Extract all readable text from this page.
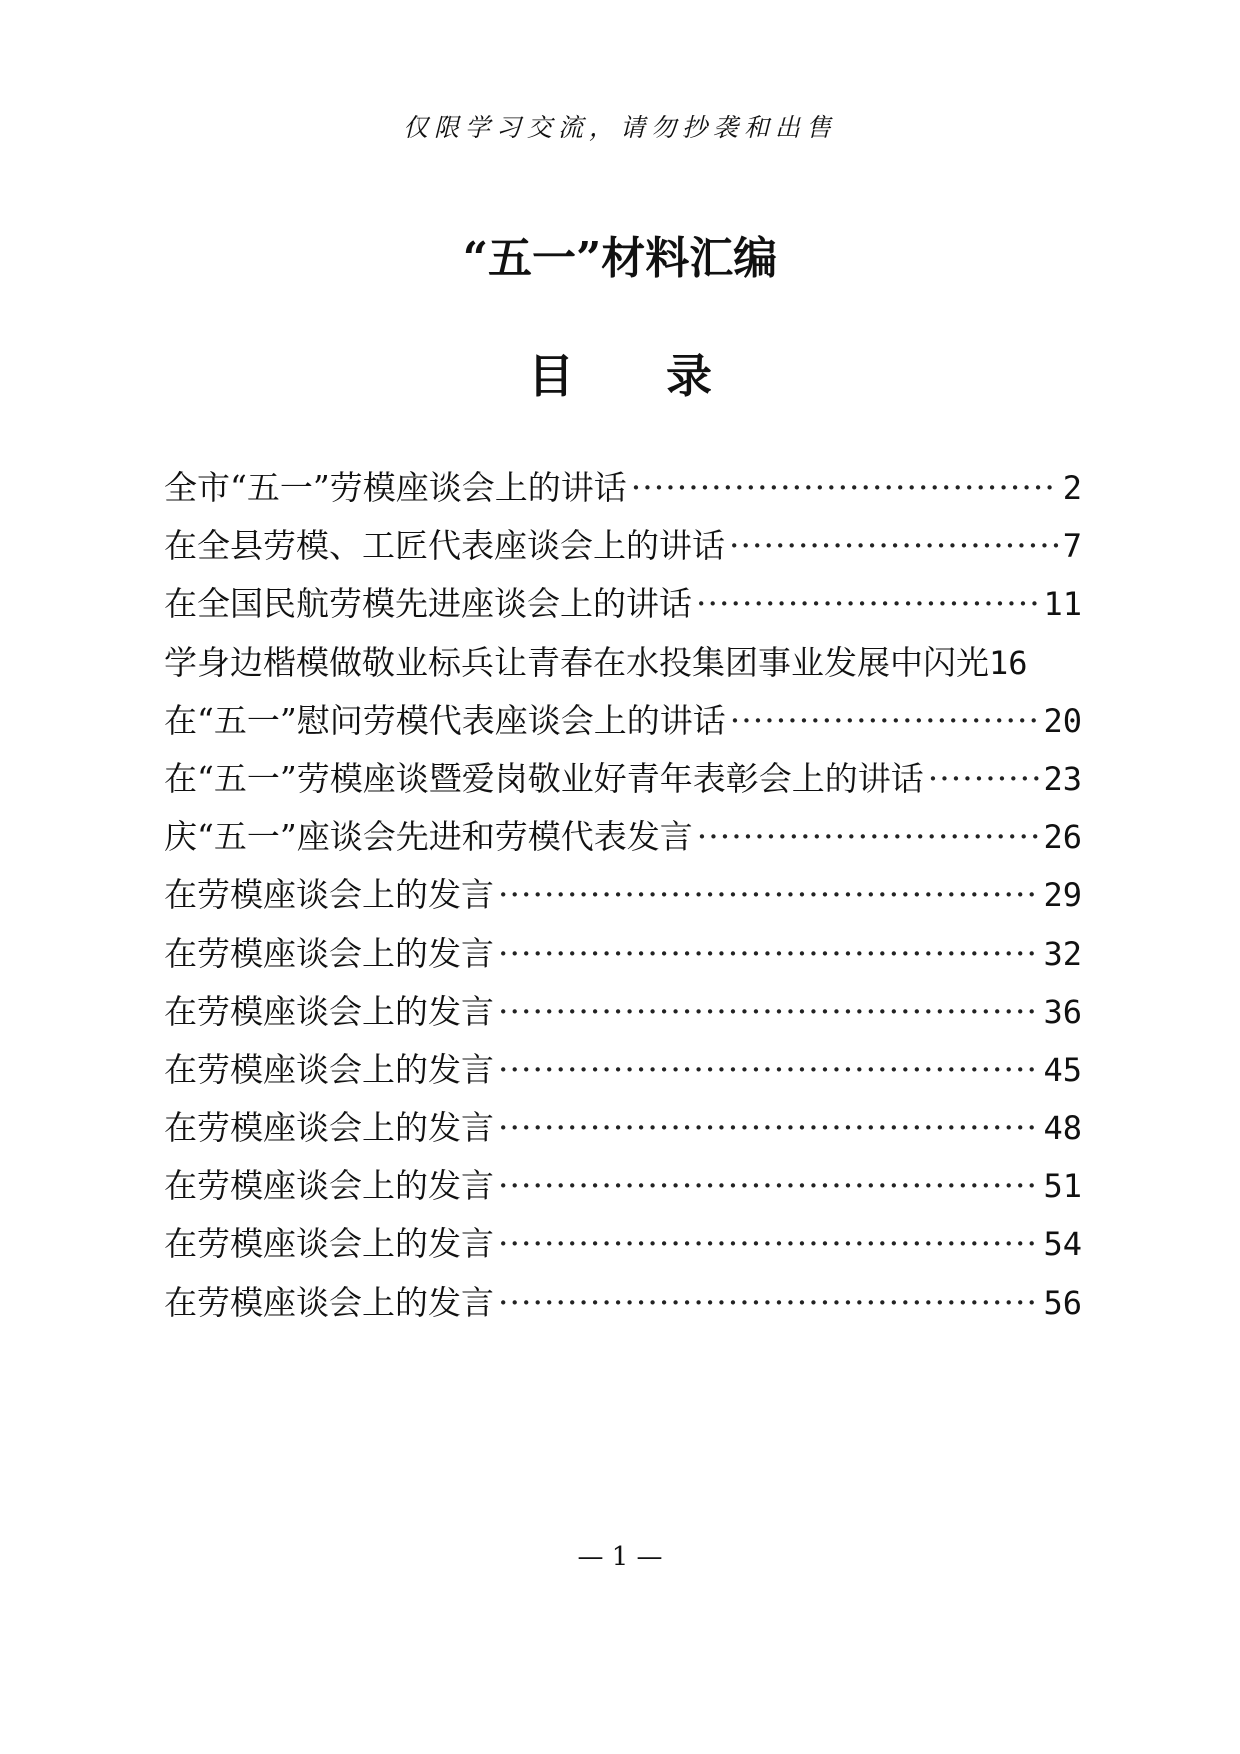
仅限学习交流，请勿抄袭和出售
“五一”材料汇编
目 录
全市“五一”劳模座谈会上的讲话 ·····	2
在全县劳模、工匠代表座谈会上的讲话 ·····	7
在全国民航劳模先进座谈会上的讲话 ·····	11
学身边楷模做敬业标兵让青春在水投集团事业发展中闪光 16
在“五一”慰问劳模代表座谈会上的讲话 ·····	20
在“五一”劳模座谈暨爱岗敬业好青年表彰会上的讲话 ·····	23
庆“五一”座谈会先进和劳模代表发言 ·····	26
在劳模座谈会上的发言 ·····	29
在劳模座谈会上的发言 ·····	32
在劳模座谈会上的发言 ·····	36
在劳模座谈会上的发言 ·····	45
在劳模座谈会上的发言 ·····	48
在劳模座谈会上的发言 ·····	51
在劳模座谈会上的发言 ·····	54
在劳模座谈会上的发言 ·····	56
— 1 —
